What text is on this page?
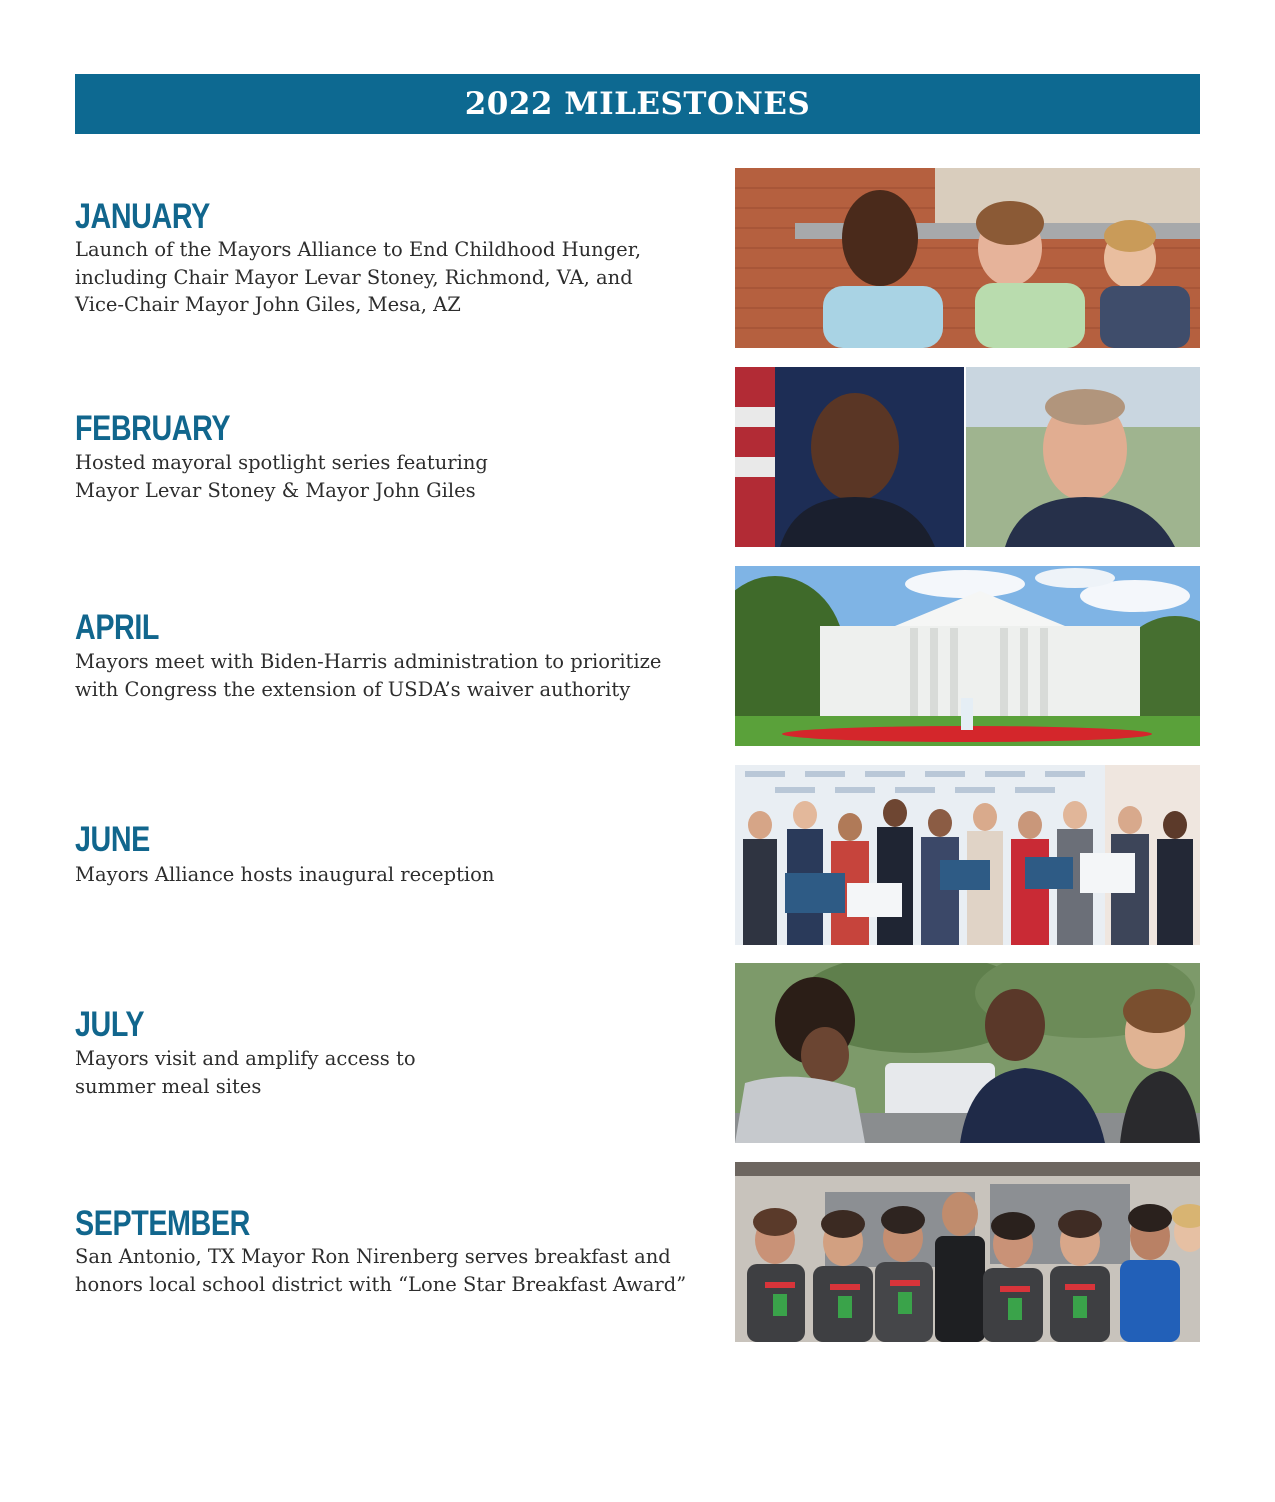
2022 MILESTONES
JANUARY
Launch of the Mayors Alliance to End Childhood Hunger,
including Chair Mayor Levar Stoney, Richmond, VA, and
Vice-Chair Mayor John Giles, Mesa, AZ
FEBRUARY
Hosted mayoral spotlight series featuring
Mayor Levar Stoney & Mayor John Giles
APRIL
Mayors meet with Biden-Harris administration to prioritize
with Congress the extension of USDA’s waiver authority
JUNE
Mayors Alliance hosts inaugural reception
JULY
Mayors visit and amplify access to
summer meal sites
SEPTEMBER
San Antonio, TX Mayor Ron Nirenberg serves breakfast and
honors local school district with “Lone Star Breakfast Award”
